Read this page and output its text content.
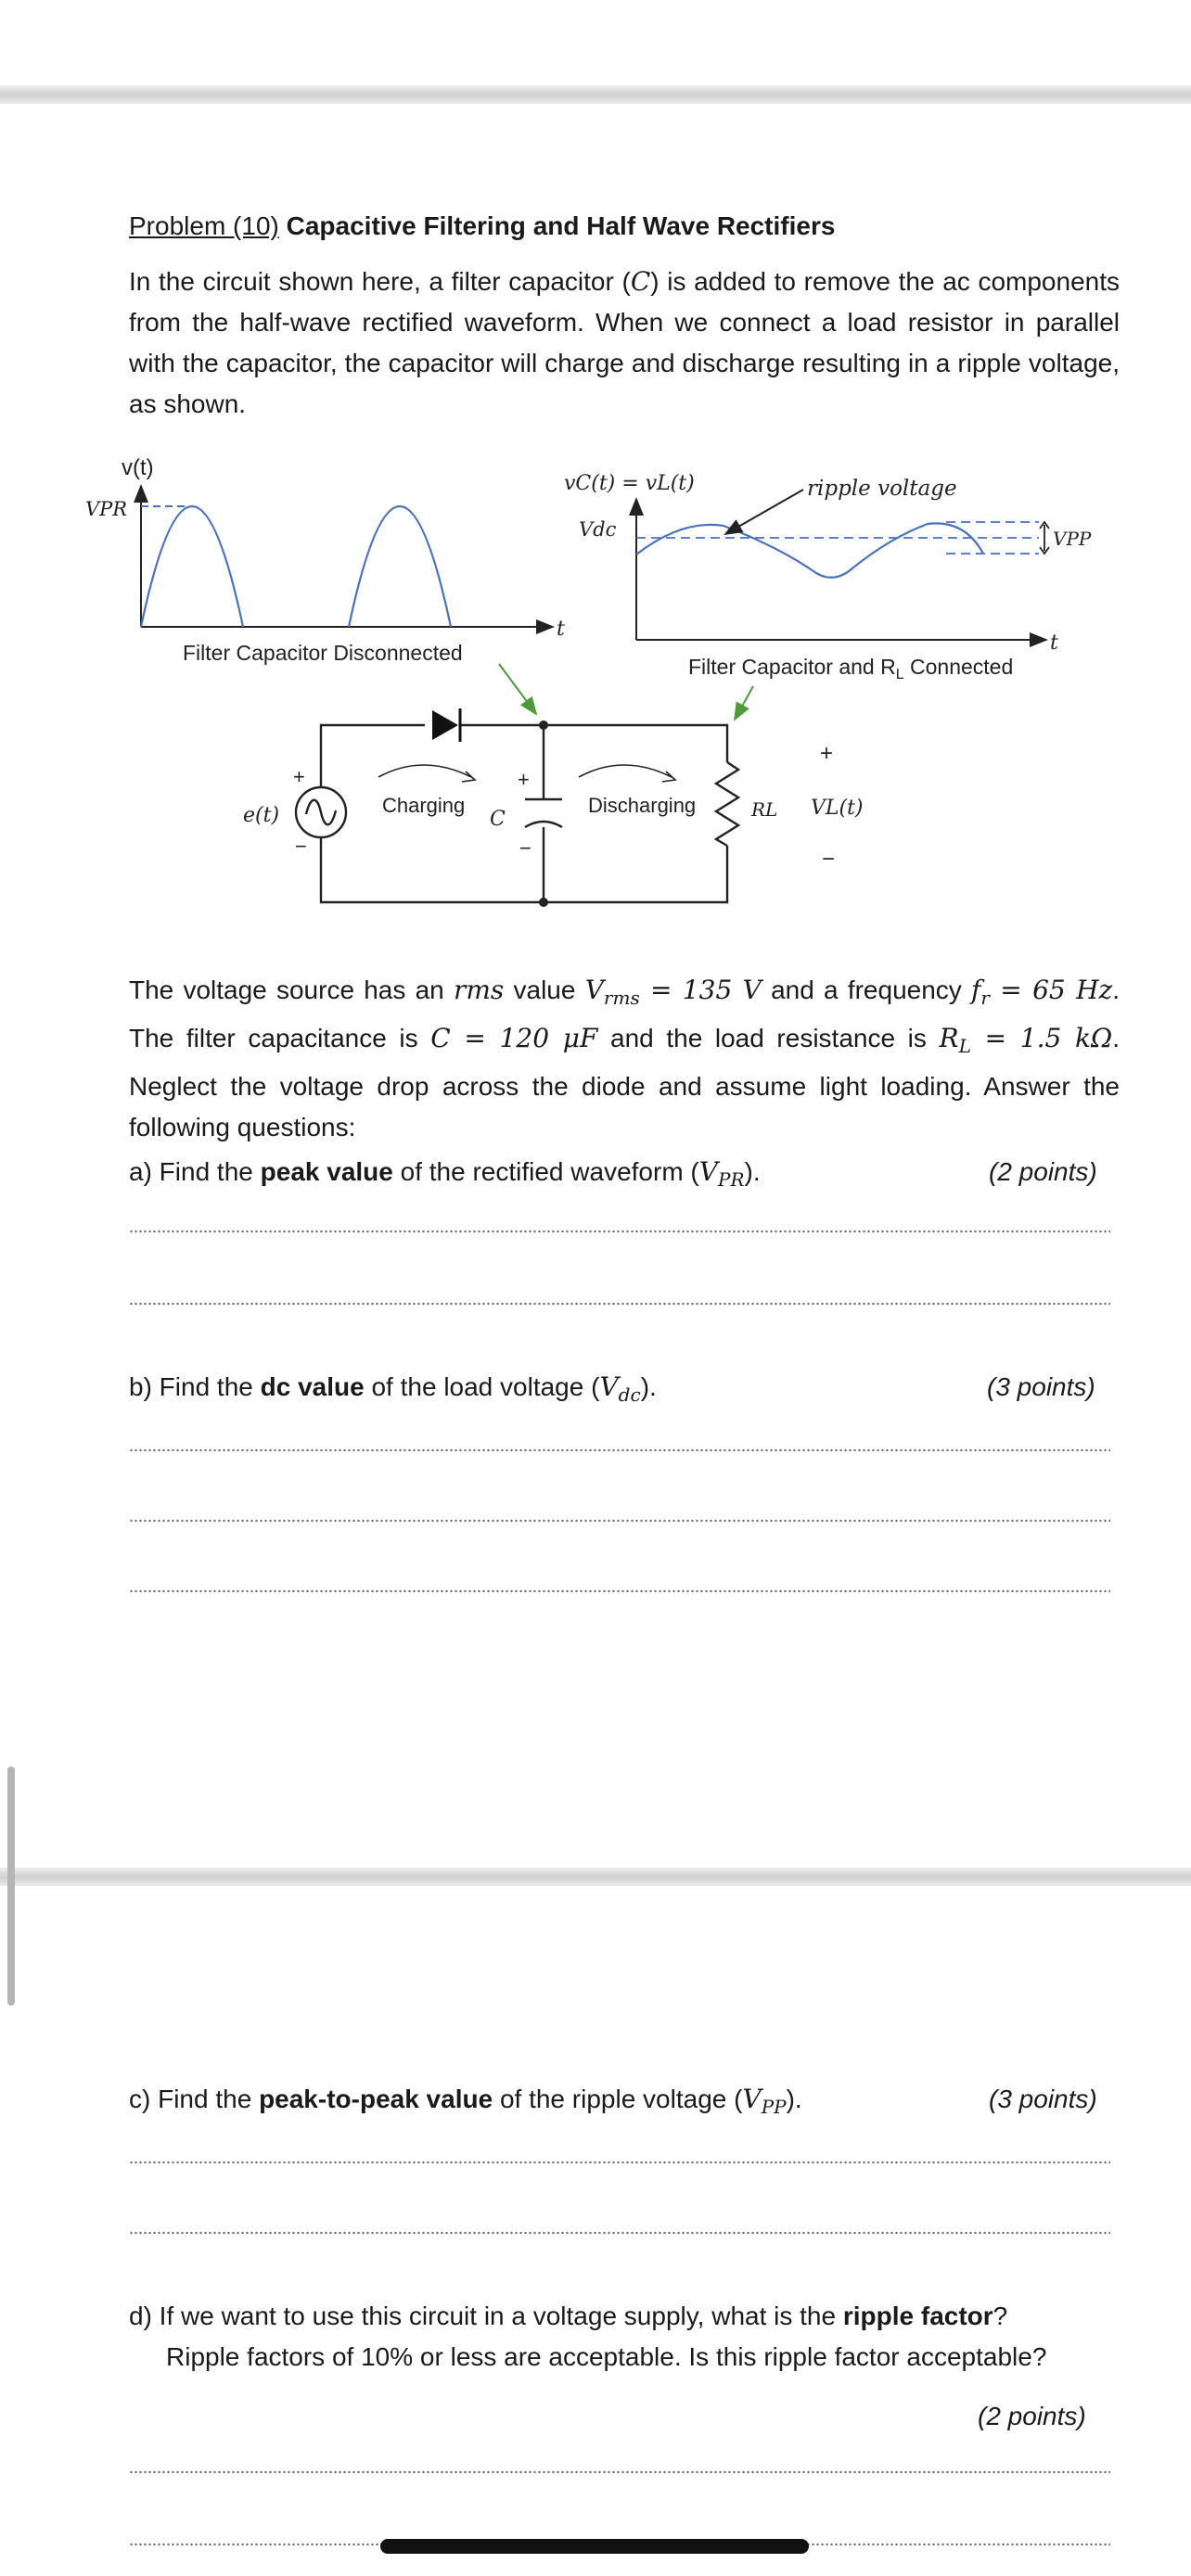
Problem (10) Capacitive Filtering and Half Wave Rectifiers
In the circuit shown here, a filter capacitor (C) is added to remove the ac components from the half-wave rectified waveform. When we connect a load resistor in parallel with the capacitor, the capacitor will charge and discharge resulting in a ripple voltage, as shown.
v(t)
VPR
t
Filter Capacitor Disconnected
vC(t) = vL(t)
Vdc
ripple voltage
VPP
t
Filter Capacitor and $R_L$ Connected
e(t)
+
−
Charging	Discharging
C
+
−
RL
+
VL(t)
−
The voltage source has an rms value $V_{rms} = 135$ V and a frequency $f_r = 65$ Hz. The filter capacitance is C = 120 μF and the load resistance is $R_L = 1.5$ kΩ. Neglect the voltage drop across the diode and assume light loading. Answer the following questions:
a) Find the peak value of the rectified waveform $(V_{PR})$.	(2 points)
b) Find the dc value of the load voltage $(V_{dc})$.	(3 points)
c) Find the peak-to-peak value of the ripple voltage $(V_{PP})$.	(3 points)
d) If we want to use this circuit in a voltage supply, what is the ripple factor?
Ripple factors of 10% or less are acceptable. Is this ripple factor acceptable?
(2 points)
